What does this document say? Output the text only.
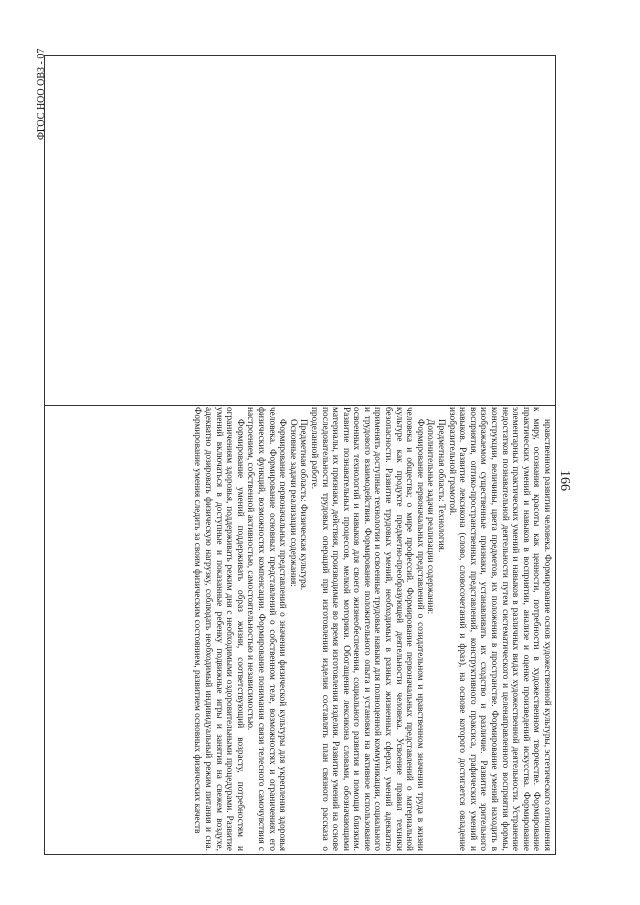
ФГОС НОО ОВЗ - 07
166

нравственном развитии человека. Формирование основ художественной культуры, эстетического отношения к миру, осознания красоты как ценности, потребности в художественном творчестве. Формирование практических умений и навыков в восприятии, анализе и оценке произведений искусства. Формирование элементарных практических умений и навыков в различных видах художественной деятельности. Устранение недостатков познавательной деятельности путем систематического и целенаправленного восприятия формы, конструкции, величины, цвета предметов, их положения в пространстве. Формирование умений находить в изображаемом существенные признаки, устанавливать их сходство и различие. Развитие зрительного восприятия, оптико-пространственных представлений, конструктивного праксиса, графических умений и навыков. Развитие лексикона (слово, словосочетаний и фраз), на основе которого достигается овладение изобразительной грамотой.

Предметная область: Технология.

Дополнительные задачи реализации содержания:

Формирование первоначальных представлений о созидательном и нравственном значении труда в жизни человека и общества; о мире профессий. Формирование первоначальных представлений о материальной культуре как продукте предметно-преобразующей деятельности человека. Усвоение правил техники безопасности. Развитие трудовых умений, необходимых в разных жизненных сферах, умений адекватно применять доступные технологии и освоенные трудовые навыки для полноценной коммуникации, социального и трудового взаимодействия. Формирование положительного опыта и установки на активное использование освоенных технологий и навыков для своего жизнеобеспечения, социального развития и помощи близким. Развитие познавательных процессов, мелкой моторики. Обогащение лексикона словами, обозначающими материалы, их признаки, действия, производимые во время изготовления изделия. Развитие умений на основе последовательности трудовых операций при изготовлении изделия составлять план связного рассказа о проделанной работе.

Предметная область: Физическая культура.

Основные задачи реализации содержания:

Формирование первоначальных представлений о значении физической культуры для укрепления здоровья человека. Формирование основных представлений о собственном теле, возможностях и ограничениях его физических функций, возможностях компенсации. Формирование понимания связи телесного самочувствия с настроением, собственной активностью, самостоятельностью и независимостью.

Формирование умений поддерживать образ жизни, соответствующий возрасту, потребностям и ограничениям здоровья, поддерживать режим дня с необходимыми оздоровительными процедурами. Развитие умений включаться в доступные и показанные ребенку подвижные игры и занятия на свежем воздухе, адекватно дозировать физическую нагрузку, соблюдать необходимый индивидуальный режим питания и сна. Формирование умения следить за своим физическим состоянием, развитием основных физических качеств
